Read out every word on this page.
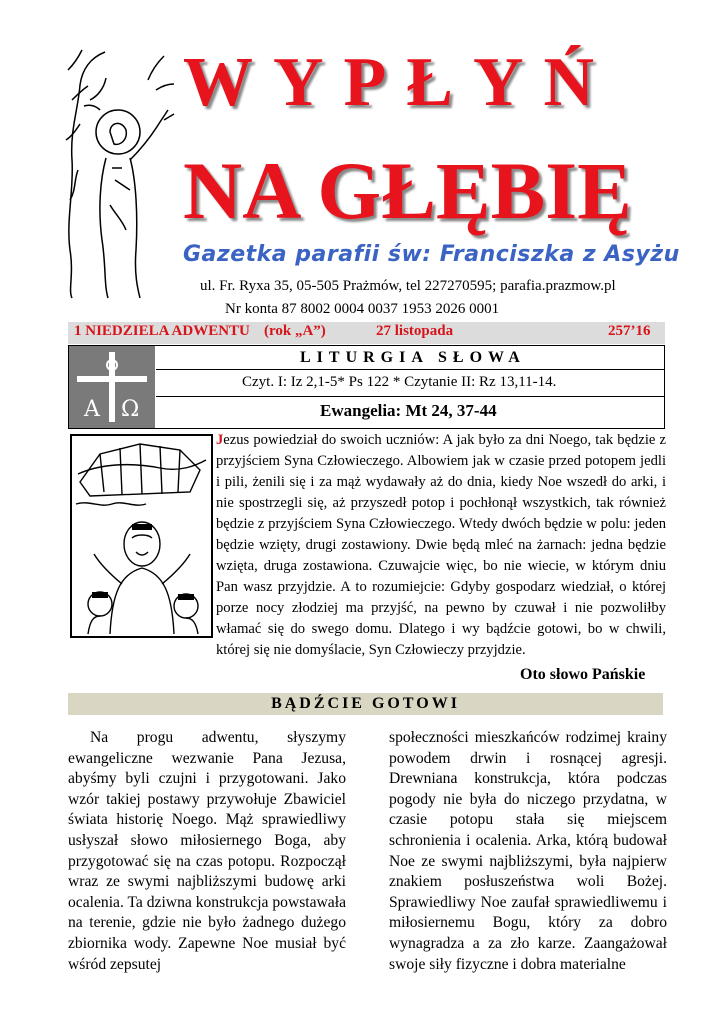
WYPŁYŃ
NA GŁĘBIĘ
Gazetka parafii św: Franciszka z Asyżu
ul. Fr. Ryxa 35, 05-505 Prażmów, tel 227270595; parafia.prazmow.pl
Nr konta 87 8002 0004 0037 1953 2026 0001
1 NIEDZIELA ADWENTU (rok „A”)	27 listopada	257’16
A Ω
LITURGIA SŁOWA
Czyt. I: Iz 2,1-5* Ps 122 * Czytanie II: Rz 13,11-14.
Ewangelia: Mt 24, 37-44
Jezus powiedział do swoich uczniów: A jak było za dni Noego, tak będzie z przyjściem Syna Człowieczego. Albowiem jak w czasie przed potopem jedli i pili, żenili się i za mąż wydawały aż do dnia, kiedy Noe wszedł do arki, i nie spostrzegli się, aż przyszedł potop i pochłonął wszystkich, tak również będzie z przyjściem Syna Człowieczego. Wtedy dwóch będzie w polu: jeden będzie wzięty, drugi zostawiony. Dwie będą mleć na żarnach: jedna będzie wzięta, druga zostawiona. Czuwajcie więc, bo nie wiecie, w którym dniu Pan wasz przyjdzie. A to rozumiejcie: Gdyby gospodarz wiedział, o której porze nocy złodziej ma przyjść, na pewno by czuwał i nie pozwoliłby włamać się do swego domu. Dlatego i wy bądźcie gotowi, bo w chwili, której się nie domyślacie, Syn Człowieczy przyjdzie.
Oto słowo Pańskie
BĄDŹCIE GOTOWI

Na progu adwentu, słyszymy ewangeliczne wezwanie Pana Jezusa, abyśmy byli czujni i przygotowani. Jako wzór takiej postawy przywołuje Zbawiciel świata historię Noego. Mąż sprawiedliwy usłyszał słowo miłosiernego Boga, aby przygotować się na czas potopu. Rozpoczął wraz ze swymi najbliższymi budowę arki ocalenia. Ta dziwna konstrukcja powstawała na terenie, gdzie nie było żadnego dużego zbiornika wody. Zapewne Noe musiał być wśród zepsutej

społeczności mieszkańców rodzimej krainy powodem drwin i rosnącej agresji. Drewniana konstrukcja, która podczas pogody nie była do niczego przydatna, w czasie potopu stała się miejscem schronienia i ocalenia. Arka, którą budował Noe ze swymi najbliższymi, była najpierw znakiem posłuszeństwa woli Bożej. Sprawiedliwy Noe zaufał sprawiedliwemu i miłosiernemu Bogu, który za dobro wynagradza a za zło karze. Zaangażował swoje siły fizyczne i dobra materialne
